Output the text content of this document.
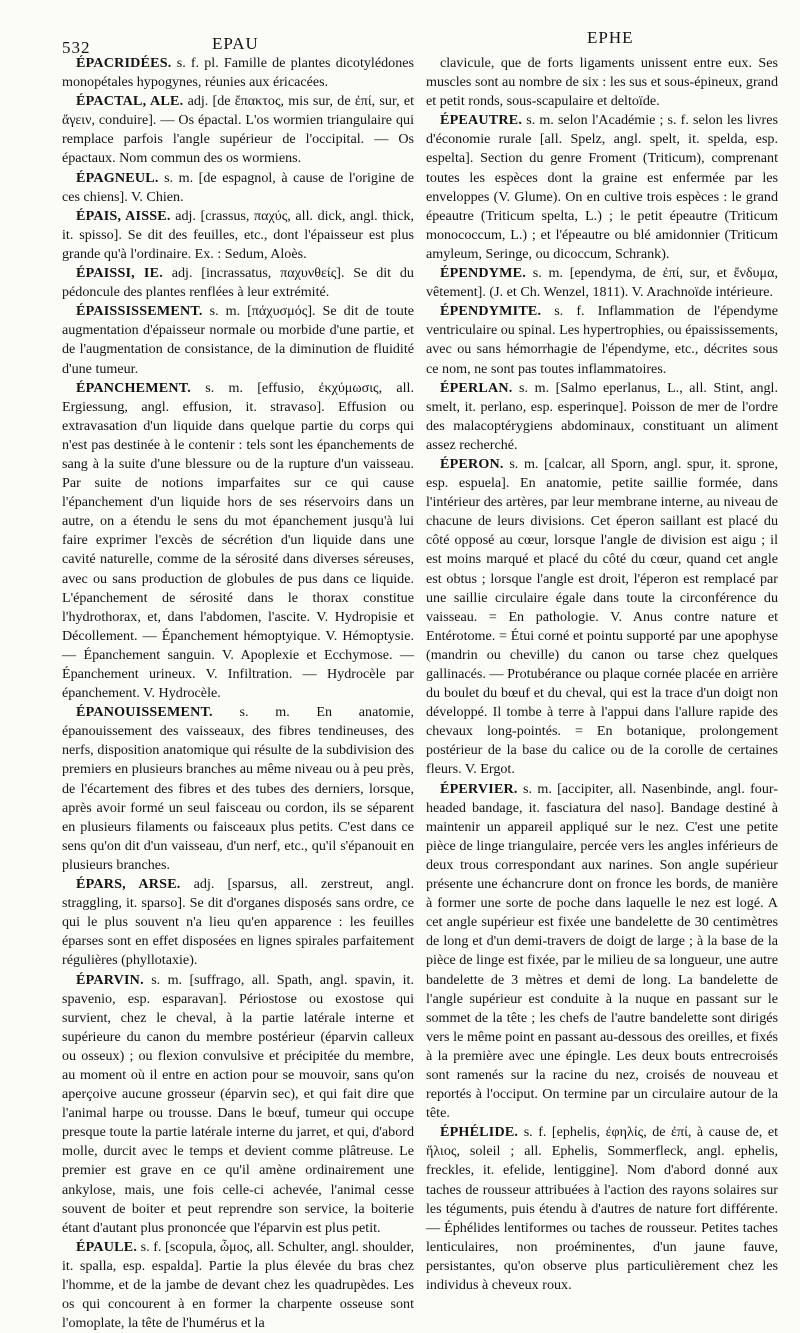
532	EPAU	EPHE

ÉPACRIDÉES. s. f. pl. Famille de plantes dicotylédones monopétales hypogynes, réunies aux éricacées.

ÉPACTAL, ALE. adj. [de ἔπακτος, mis sur, de ἐπί, sur, et ἄγειν, conduire]. — Os épactal. L'os wormien triangulaire qui remplace parfois l'angle supérieur de l'occipital. — Os épactaux. Nom commun des os wormiens.

ÉPAGNEUL. s. m. [de espagnol, à cause de l'origine de ces chiens]. V. Chien.

ÉPAIS, AISSE. adj. [crassus, παχύς, all. dick, angl. thick, it. spisso]. Se dit des feuilles, etc., dont l'épaisseur est plus grande qu'à l'ordinaire. Ex. : Sedum, Aloès.

ÉPAISSI, IE. adj. [incrassatus, παχυνθείς]. Se dit du pédoncule des plantes renflées à leur extrémité.

ÉPAISSISSEMENT. s. m. [πάχυσμός]. Se dit de toute augmentation d'épaisseur normale ou morbide d'une partie, et de l'augmentation de consistance, de la diminution de fluidité d'une tumeur.

ÉPANCHEMENT. s. m. [effusio, ἐκχύμωσις, all. Ergiessung, angl. effusion, it. stravaso]. Effusion ou extravasation d'un liquide dans quelque partie du corps qui n'est pas destinée à le contenir : tels sont les épanchements de sang à la suite d'une blessure ou de la rupture d'un vaisseau. Par suite de notions imparfaites sur ce qui cause l'épanchement d'un liquide hors de ses réservoirs dans un autre, on a étendu le sens du mot épanchement jusqu'à lui faire exprimer l'excès de sécrétion d'un liquide dans une cavité naturelle, comme de la sérosité dans diverses séreuses, avec ou sans production de globules de pus dans ce liquide. L'épanchement de sérosité dans le thorax constitue l'hydrothorax, et, dans l'abdomen, l'ascite. V. Hydropisie et Décollement. — Épanchement hémoptyique. V. Hémoptysie. — Épanchement sanguin. V. Apoplexie et Ecchymose. — Épanchement urineux. V. Infiltration. — Hydrocèle par épanchement. V. Hydrocèle.

ÉPANOUISSEMENT. s. m. En anatomie, épanouissement des vaisseaux, des fibres tendineuses, des nerfs, disposition anatomique qui résulte de la subdivision des premiers en plusieurs branches au même niveau ou à peu près, de l'écartement des fibres et des tubes des derniers, lorsque, après avoir formé un seul faisceau ou cordon, ils se séparent en plusieurs filaments ou faisceaux plus petits. C'est dans ce sens qu'on dit d'un vaisseau, d'un nerf, etc., qu'il s'épanouit en plusieurs branches.

ÉPARS, ARSE. adj. [sparsus, all. zerstreut, angl. straggling, it. sparso]. Se dit d'organes disposés sans ordre, ce qui le plus souvent n'a lieu qu'en apparence : les feuilles éparses sont en effet disposées en lignes spirales parfaitement régulières (phyllotaxie).

ÉPARVIN. s. m. [suffrago, all. Spath, angl. spavin, it. spavenio, esp. esparavan]. Périostose ou exostose qui survient, chez le cheval, à la partie latérale interne et supérieure du canon du membre postérieur (éparvin calleux ou osseux) ; ou flexion convulsive et précipitée du membre, au moment où il entre en action pour se mouvoir, sans qu'on aperçoive aucune grosseur (éparvin sec), et qui fait dire que l'animal harpe ou trousse. Dans le bœuf, tumeur qui occupe presque toute la partie latérale interne du jarret, et qui, d'abord molle, durcit avec le temps et devient comme plâtreuse. Le premier est grave en ce qu'il amène ordinairement une ankylose, mais, une fois celle-ci achevée, l'animal cesse souvent de boiter et peut reprendre son service, la boiterie étant d'autant plus prononcée que l'éparvin est plus petit.

ÉPAULE. s. f. [scopula, ὦμος, all. Schulter, angl. shoulder, it. spalla, esp. espalda]. Partie la plus élevée du bras chez l'homme, et de la jambe de devant chez les quadrupèdes. Les os qui concourent à en former la charpente osseuse sont l'omoplate, la tête de l'humérus et la

clavicule, que de forts ligaments unissent entre eux. Ses muscles sont au nombre de six : les sus et sous-épineux, grand et petit ronds, sous-scapulaire et deltoïde.

ÉPEAUTRE. s. m. selon l'Académie ; s. f. selon les livres d'économie rurale [all. Spelz, angl. spelt, it. spelda, esp. espelta]. Section du genre Froment (Triticum), comprenant toutes les espèces dont la graine est enfermée par les enveloppes (V. Glume). On en cultive trois espèces : le grand épeautre (Triticum spelta, L.) ; le petit épeautre (Triticum monococcum, L.) ; et l'épeautre ou blé amidonnier (Triticum amyleum, Seringe, ou dicoccum, Schrank).

ÉPENDYME. s. m. [ependyma, de ἐπί, sur, et ἔνδυμα, vêtement]. (J. et Ch. Wenzel, 1811). V. Arachnoïde intérieure.

ÉPENDYMITE. s. f. Inflammation de l'épendyme ventriculaire ou spinal. Les hypertrophies, ou épaississements, avec ou sans hémorrhagie de l'épendyme, etc., décrites sous ce nom, ne sont pas toutes inflammatoires.

ÉPERLAN. s. m. [Salmo eperlanus, L., all. Stint, angl. smelt, it. perlano, esp. esperinque]. Poisson de mer de l'ordre des malacoptérygiens abdominaux, constituant un aliment assez recherché.

ÉPERON. s. m. [calcar, all Sporn, angl. spur, it. sprone, esp. espuela]. En anatomie, petite saillie formée, dans l'intérieur des artères, par leur membrane interne, au niveau de chacune de leurs divisions. Cet éperon saillant est placé du côté opposé au cœur, lorsque l'angle de division est aigu ; il est moins marqué et placé du côté du cœur, quand cet angle est obtus ; lorsque l'angle est droit, l'éperon est remplacé par une saillie circulaire égale dans toute la circonférence du vaisseau. = En pathologie. V. Anus contre nature et Entérotome. = Étui corné et pointu supporté par une apophyse (mandrin ou cheville) du canon ou tarse chez quelques gallinacés. — Protubérance ou plaque cornée placée en arrière du boulet du bœuf et du cheval, qui est la trace d'un doigt non développé. Il tombe à terre à l'appui dans l'allure rapide des chevaux long-pointés. = En botanique, prolongement postérieur de la base du calice ou de la corolle de certaines fleurs. V. Ergot.

ÉPERVIER. s. m. [accipiter, all. Nasenbinde, angl. four-headed bandage, it. fasciatura del naso]. Bandage destiné à maintenir un appareil appliqué sur le nez. C'est une petite pièce de linge triangulaire, percée vers les angles inférieurs de deux trous correspondant aux narines. Son angle supérieur présente une échancrure dont on fronce les bords, de manière à former une sorte de poche dans laquelle le nez est logé. A cet angle supérieur est fixée une bandelette de 30 centimètres de long et d'un demi-travers de doigt de large ; à la base de la pièce de linge est fixée, par le milieu de sa longueur, une autre bandelette de 3 mètres et demi de long. La bandelette de l'angle supérieur est conduite à la nuque en passant sur le sommet de la tête ; les chefs de l'autre bandelette sont dirigés vers le même point en passant au-dessous des oreilles, et fixés à la première avec une épingle. Les deux bouts entrecroisés sont ramenés sur la racine du nez, croisés de nouveau et reportés à l'occiput. On termine par un circulaire autour de la tête.

ÉPHÉLIDE. s. f. [ephelis, ἐφηλίς, de ἐπί, à cause de, et ἥλιος, soleil ; all. Ephelis, Sommerfleck, angl. ephelis, freckles, it. efelide, lentiggine]. Nom d'abord donné aux taches de rousseur attribuées à l'action des rayons solaires sur les téguments, puis étendu à d'autres de nature fort différente. — Éphélides lentiformes ou taches de rousseur. Petites taches lenticulaires, non proéminentes, d'un jaune fauve, persistantes, qu'on observe plus particulièrement chez les individus à cheveux roux.
